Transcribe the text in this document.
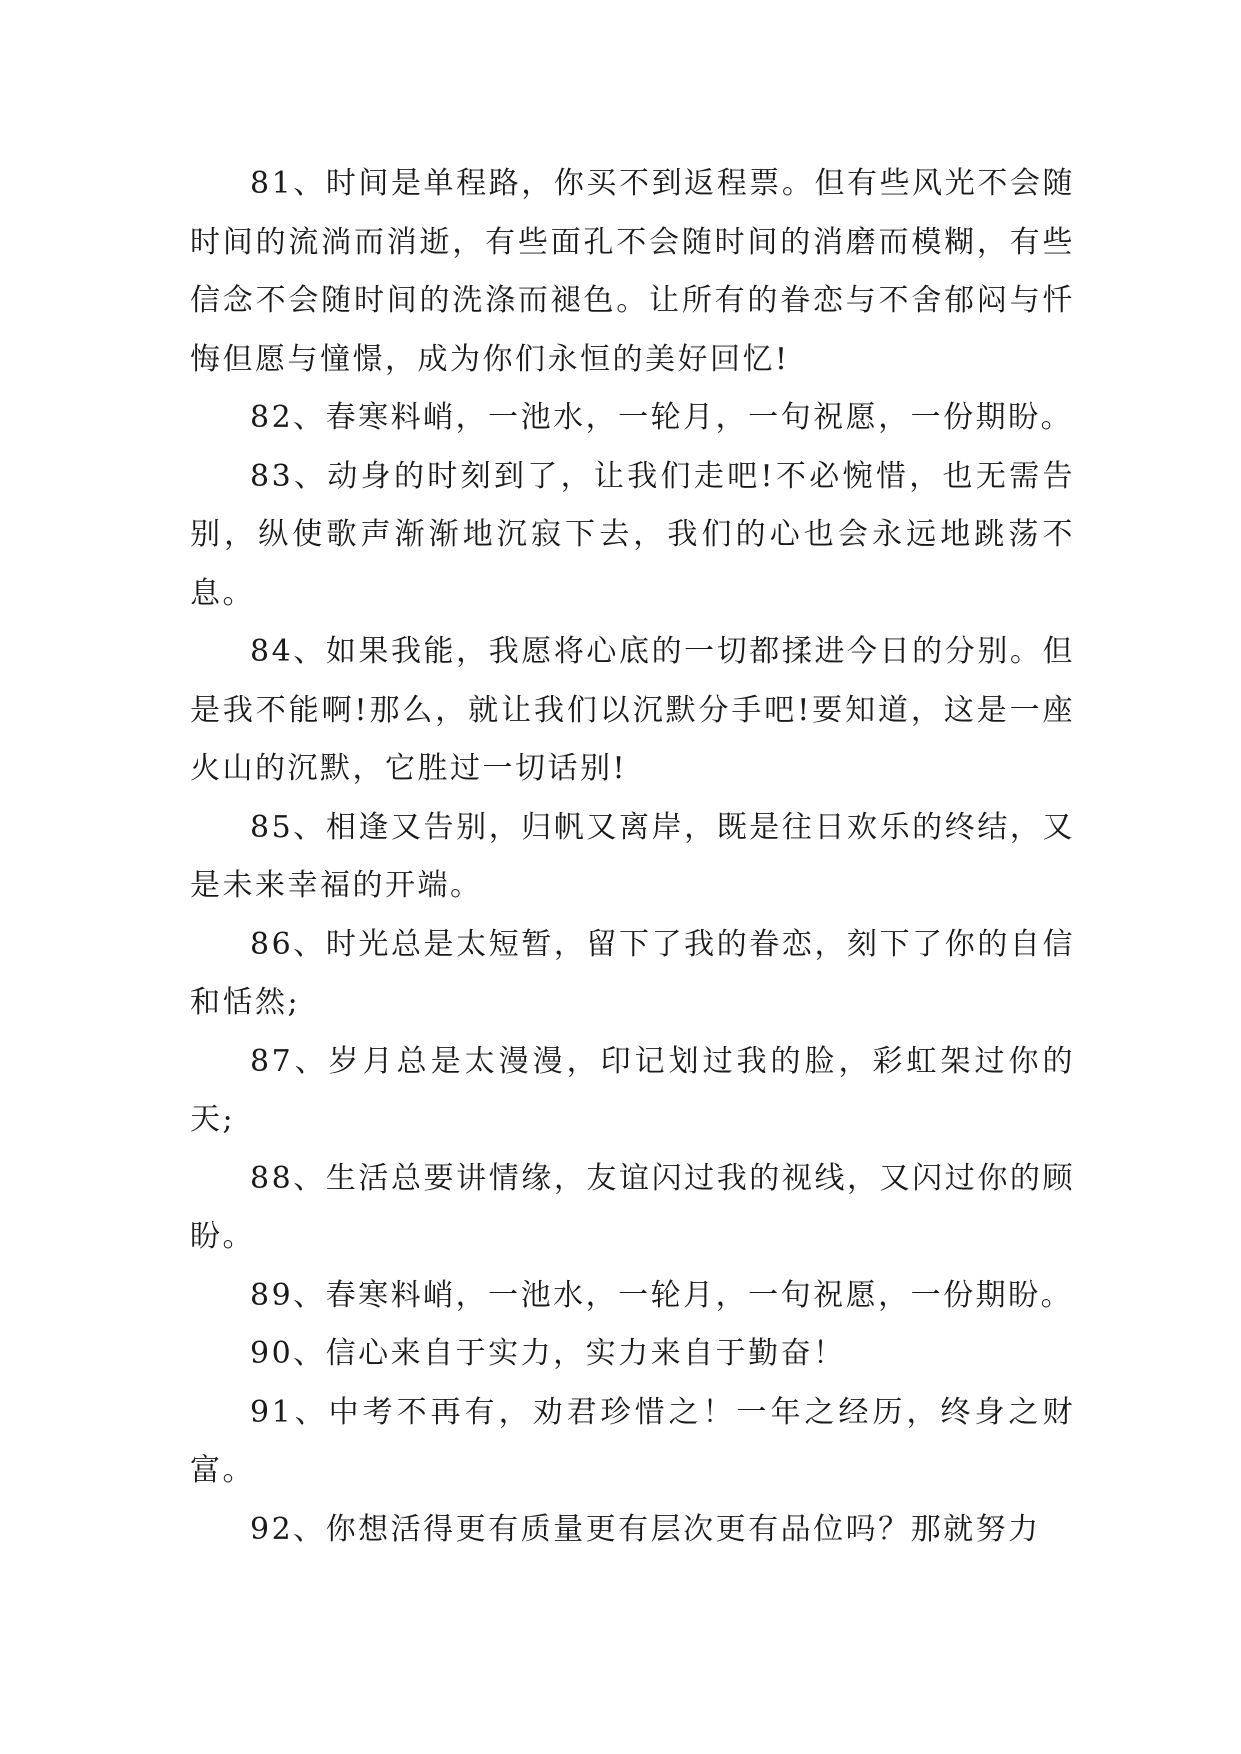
81、时间是单程路，你买不到返程票。但有些风光不会随时间的流淌而消逝，有些面孔不会随时间的消磨而模糊，有些信念不会随时间的洗涤而褪色。让所有的眷恋与不舍郁闷与忏悔但愿与憧憬，成为你们永恒的美好回忆!

82、春寒料峭，一池水，一轮月，一句祝愿，一份期盼。

83、动身的时刻到了，让我们走吧!不必惋惜，也无需告别，纵使歌声渐渐地沉寂下去，我们的心也会永远地跳荡不息。

84、如果我能，我愿将心底的一切都揉进今日的分别。但是我不能啊!那么，就让我们以沉默分手吧!要知道，这是一座火山的沉默，它胜过一切话别!

85、相逢又告别，归帆又离岸，既是往日欢乐的终结，又是未来幸福的开端。

86、时光总是太短暂，留下了我的眷恋，刻下了你的自信和恬然;

87、岁月总是太漫漫，印记划过我的脸，彩虹架过你的天;

88、生活总要讲情缘，友谊闪过我的视线，又闪过你的顾盼。

89、春寒料峭，一池水，一轮月，一句祝愿，一份期盼。

90、信心来自于实力，实力来自于勤奋！

91、中考不再有，劝君珍惜之！一年之经历，终身之财富。

92、你想活得更有质量更有层次更有品位吗？那就努力
